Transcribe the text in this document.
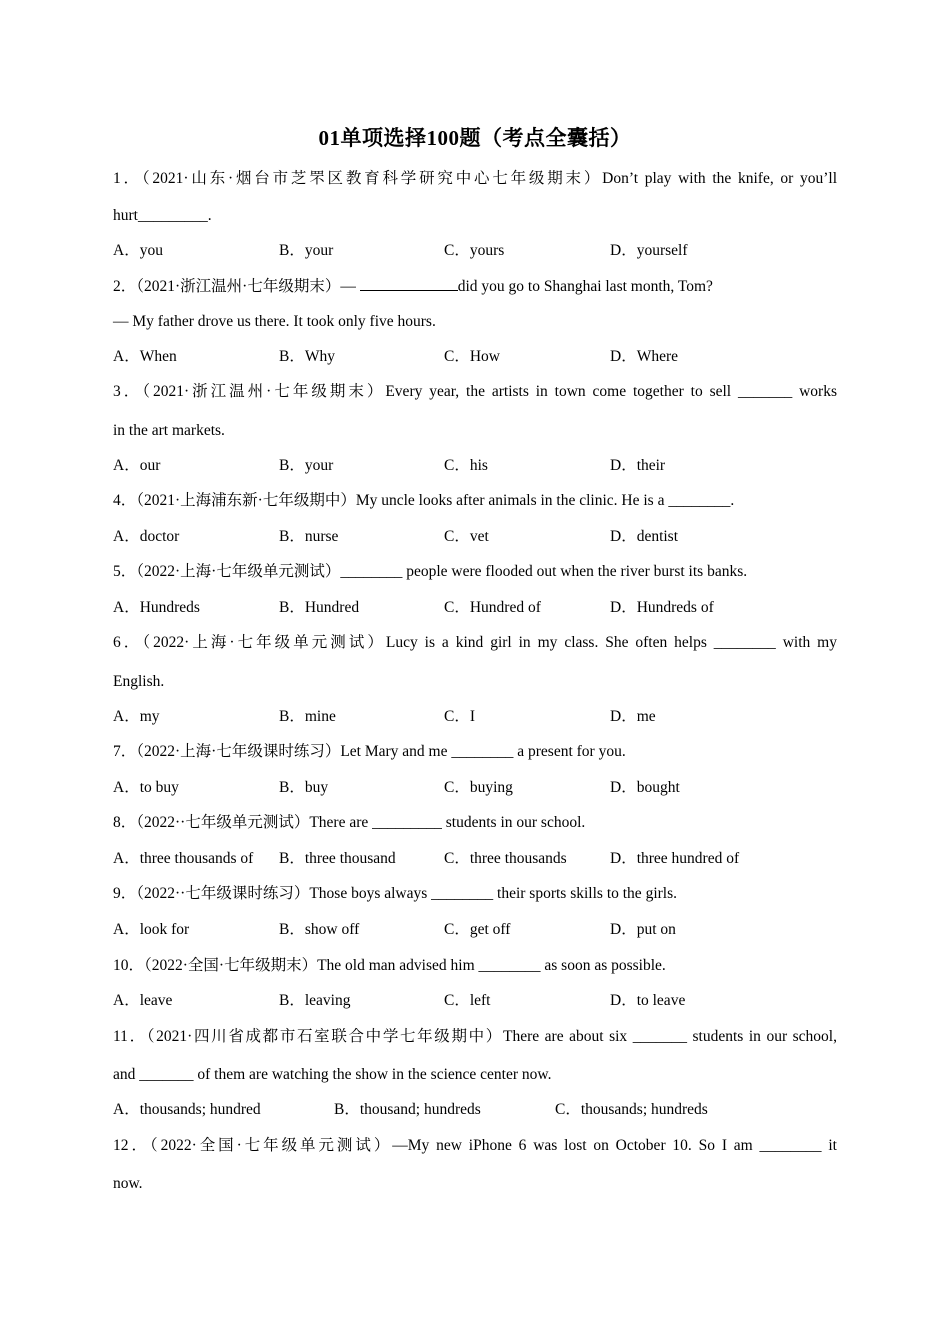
01单项选择100题（考点全囊括）
1．（2021·山东·烟台市芝罘区教育科学研究中心七年级期末）Don’t play with the knife, or you’ll
hurt_________.
A．you	B．your	C．yours	D．yourself
2．（2021·浙江温州·七年级期末）—	did you go to Shanghai last month, Tom?
— My father drove us there. It took only five hours.
A．When	B．Why	C．How	D．Where
3．（2021·浙江温州·七年级期末）Every year, the artists in town come together to sell _______ works
in the art markets.
A．our	B．your	C．his	D．their
4．（2021·上海浦东新·七年级期中）My uncle looks after animals in the clinic. He is a ________.
A．doctor	B．nurse	C．vet	D．dentist
5．（2022·上海·七年级单元测试）________ people were flooded out when the river burst its banks.
A．Hundreds	B．Hundred	C．Hundred of	D．Hundreds of
6．（2022·上海·七年级单元测试）Lucy is a kind girl in my class. She often helps ________ with my
English.
A．my	B．mine	C．I	D．me
7．（2022·上海·七年级课时练习）Let Mary and me ________ a present for you.
A．to buy	B．buy	C．buying	D．bought
8．（2022··七年级单元测试）There are _________ students in our school.
A．three thousands of B．three thousand	C．three thousands	D．three hundred of
9．（2022··七年级课时练习）Those boys always ________ their sports skills to the girls.
A．look for	B．show off	C．get off	D．put on
10．（2022·全国·七年级期末）The old man advised him ________ as soon as possible.
A．leave	B．leaving	C．left	D．to leave
11．（2021·四川省成都市石室联合中学七年级期中）There are about six _______ students in our school,
and _______ of them are watching the show in the science center now.
A．thousands; hundred	B．thousand; hundreds	C．thousands; hundreds
12．（2022·全国·七年级单元测试）—My new iPhone 6 was lost on October 10. So I am ________ it
now.
